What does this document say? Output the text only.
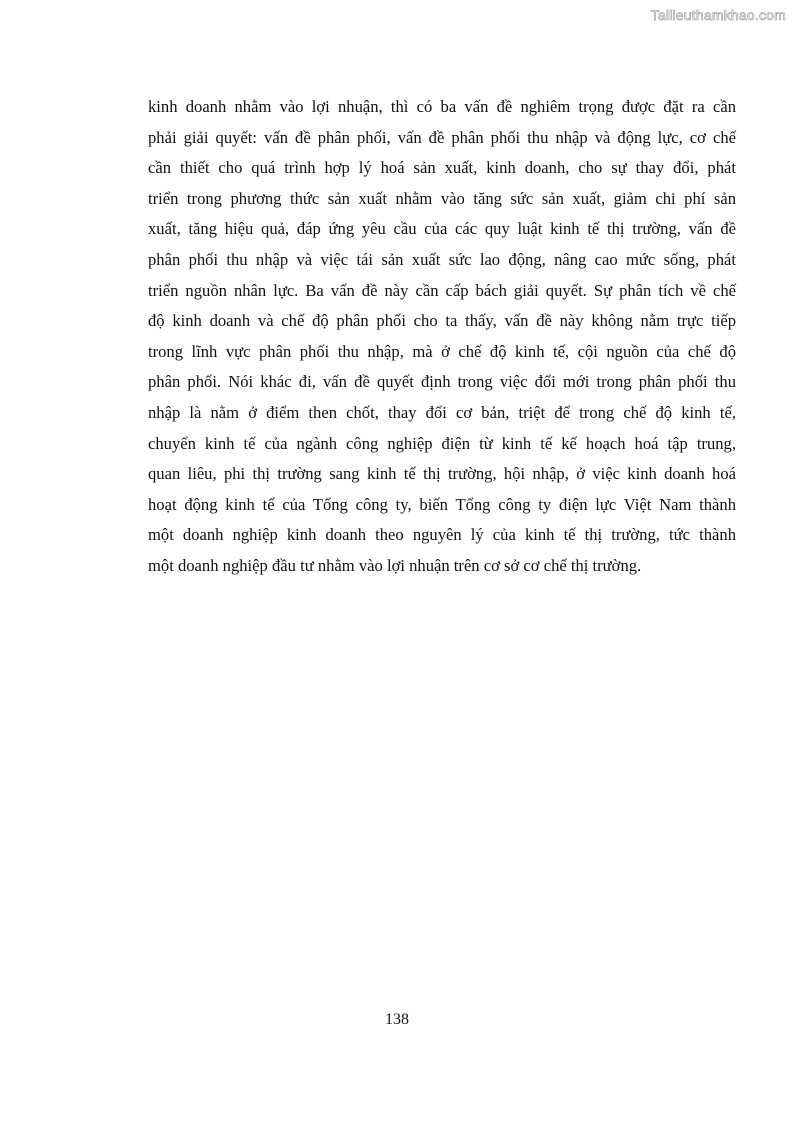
Tailieuthamkhao.com
kinh doanh nhằm vào lợi nhuận, thì có ba vấn đề nghiêm trọng được đặt ra cần
phải giải quyết: vấn đề phân phối, vấn đề phân phối thu nhập và động lực, cơ chế
cần thiết cho quá trình hợp lý hoá sản xuất, kinh doanh, cho sự thay đổi, phát
triển trong phương thức sản xuất nhằm vào tăng sức sản xuất, giảm chi phí sản
xuất, tăng hiệu quả, đáp ứng yêu cầu của các quy luật kinh tế thị trường, vấn đề
phân phối thu nhập và việc tái sản xuất sức lao động, nâng cao mức sống, phát
triển nguồn nhân lực. Ba vấn đề này cần cấp bách giải quyết. Sự phân tích về chế
độ kinh doanh và chế độ phân phối cho ta thấy, vấn đề này không nằm trực tiếp
trong lĩnh vực phân phối thu nhập, mà ở chế độ kinh tế, cội nguồn của chế độ
phân phối. Nói khác đi, vấn đề quyết định trong việc đổi mới trong phân phối thu
nhập là nằm ở điểm then chốt, thay đổi cơ bản, triệt để trong chế độ kinh tế,
chuyển kinh tế của ngành công nghiệp điện từ kinh tế kế hoạch hoá tập trung,
quan liêu, phi thị trường sang kinh tế thị trường, hội nhập, ở việc kinh doanh hoá
hoạt động kinh tế của Tổng công ty, biến Tổng công ty điện lực Việt Nam thành
một doanh nghiệp kinh doanh theo nguyên lý của kinh tế thị trường, tức thành
một doanh nghiệp đầu tư nhằm vào lợi nhuận trên cơ sở cơ chế thị trường.
138
